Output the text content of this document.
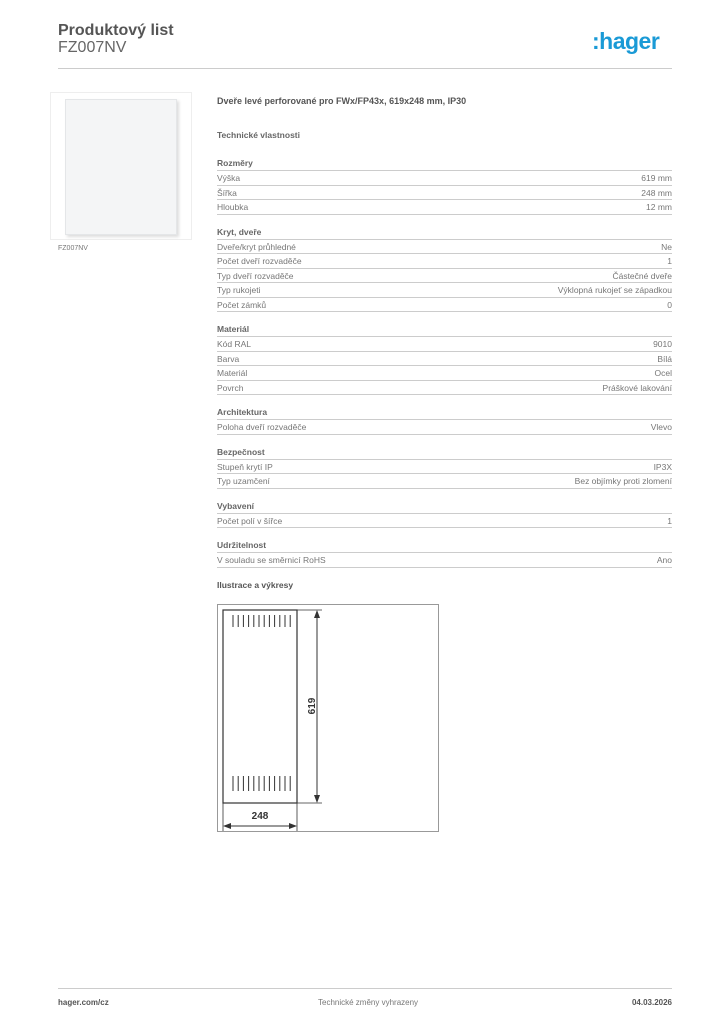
Produktový list
FZ007NV	:hager
FZ007NV
Dveře levé perforované pro FWx/FP43x, 619x248 mm, IP30
Technické vlastnosti
Rozměry
Výška	619 mm
Šířka	248 mm
Hloubka	12 mm
Kryt, dveře
Dveře/kryt průhledné	Ne
Počet dveří rozvaděče	1
Typ dveří rozvaděče	Částečné dveře
Typ rukojeti	Výklopná rukojeť se západkou
Počet zámků	0
Materiál
Kód RAL	9010
Barva	Bílá
Materiál	Ocel
Povrch	Práškové lakování
Architektura
Poloha dveří rozvaděče	Vlevo
Bezpečnost
Stupeň krytí IP	IP3X
Typ uzamčení	Bez objímky proti zlomení
Vybavení
Počet polí v šířce	1
Udržitelnost
V souladu se směrnicí RoHS	Ano
Ilustrace a výkresy
619
248
hager.com/cz	Technické změny vyhrazeny	04.03.2026
